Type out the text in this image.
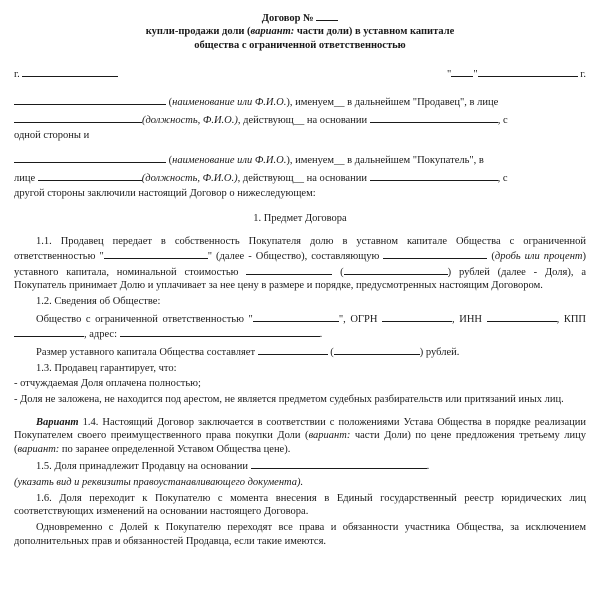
Договор №
купли-продажи доли (вариант: части доли) в уставном капитале
общества с ограниченной ответственностью
г.	" "	г.

(наименование или Ф.И.О.), именуем__ в дальнейшем "Продавец", в лице

(должность, Ф.И.О.), действующ__ на основании	, с

одной стороны и

(наименование или Ф.И.О.), именуем__ в дальнейшем "Покупатель", в

лице	(должность, Ф.И.О.), действующ__ на основании	, с

другой стороны заключили настоящий Договор о нижеследующем:

1. Предмет Договора

1.1. Продавец передает в собственность Покупателя долю в уставном капитале Общества с ограниченной ответственностью "	" (далее - Общество), составляющую	(дробь или процент) уставного капитала, номинальной стоимостью	(	) рублей (далее - Доля), а Покупатель принимает Долю и уплачивает за нее цену в размере и порядке, предусмотренных настоящим Договором.

1.2. Сведения об Обществе:

Общество с ограниченной ответственностью "	", ОГРН	, ИНН	, КПП , адрес:	.

Размер уставного капитала Общества составляет	(	) рублей.

1.3. Продавец гарантирует, что:

- отчуждаемая Доля оплачена полностью;

- Доля не заложена, не находится под арестом, не является предметом судебных разбирательств или притязаний иных лиц.

Вариант 1.4. Настоящий Договор заключается в соответствии с положениями Устава Общества в порядке реализации Покупателем своего преимущественного права покупки Доли (вариант: части Доли) по цене предложения третьему лицу (вариант: по заранее определенной Уставом Общества цене).

1.5. Доля принадлежит Продавцу на основании	.

(указать вид и реквизиты правоустанавливающего документа).

1.6. Доля переходит к Покупателю с момента внесения в Единый государственный реестр юридических лиц соответствующих изменений на основании настоящего Договора.

Одновременно с Долей к Покупателю переходят все права и обязанности участника Общества, за исключением дополнительных прав и обязанностей Продавца, если такие имеются.
